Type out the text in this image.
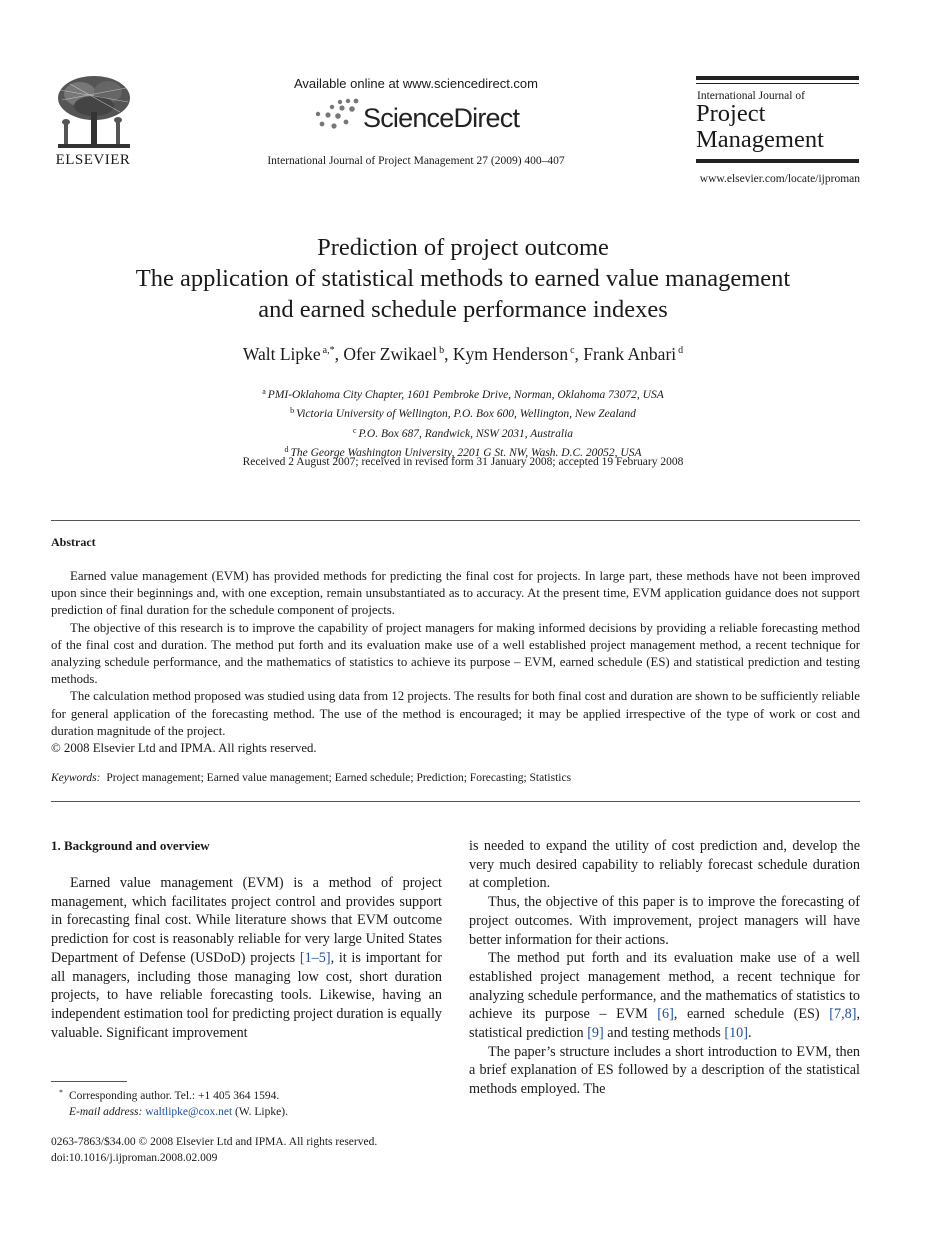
ELSEVIER
Available online at www.sciencedirect.com
ScienceDirect
International Journal of Project Management 27 (2009) 400–407
International Journal of
Project
Management
www.elsevier.com/locate/ijproman
Prediction of project outcome
The application of statistical methods to earned value management
and earned schedule performance indexes
Walt Lipke $^{a,*}$, Ofer Zwikael $^b$, Kym Henderson $^c$, Frank Anbari $^d$
$^a$ PMI-Oklahoma City Chapter, 1601 Pembroke Drive, Norman, Oklahoma 73072, USA
$^b$ Victoria University of Wellington, P.O. Box 600, Wellington, New Zealand
$^c$ P.O. Box 687, Randwick, NSW 2031, Australia
$^d$ The George Washington University, 2201 G St. NW, Wash. D.C. 20052, USA
Received 2 August 2007; received in revised form 31 January 2008; accepted 19 February 2008
Abstract

Earned value management (EVM) has provided methods for predicting the final cost for projects. In large part, these methods have not been improved upon since their beginnings and, with one exception, remain unsubstantiated as to accuracy. At the present time, EVM application guidance does not support prediction of final duration for the schedule component of projects.

The objective of this research is to improve the capability of project managers for making informed decisions by providing a reliable forecasting method of the final cost and duration. The method put forth and its evaluation make use of a well established project management method, a recent technique for analyzing schedule performance, and the mathematics of statistics to achieve its purpose – EVM, earned schedule (ES) and statistical prediction and testing methods.

The calculation method proposed was studied using data from 12 projects. The results for both final cost and duration are shown to be sufficiently reliable for general application of the forecasting method. The use of the method is encouraged; it may be applied irrespective of the type of work or cost and duration magnitude of the project.

© 2008 Elsevier Ltd and IPMA. All rights reserved.

Keywords: Project management; Earned value management; Earned schedule; Prediction; Forecasting; Statistics
1. Background and overview

Earned value management (EVM) is a method of project management, which facilitates project control and provides support in forecasting final cost. While literature shows that EVM outcome prediction for cost is reasonably reliable for very large United States Department of Defense (USDoD) projects [1–5], it is important for all managers, including those managing low cost, short duration projects, to have reliable forecasting tools. Likewise, having an independent estimation tool for predicting project duration is equally valuable. Significant improvement

is needed to expand the utility of cost prediction and, develop the very much desired capability to reliably forecast schedule duration at completion.

Thus, the objective of this paper is to improve the forecasting of project outcomes. With improvement, project managers will have better information for their actions.

The method put forth and its evaluation make use of a well established project management method, a recent technique for analyzing schedule performance, and the mathematics of statistics to achieve its purpose – EVM [6], earned schedule (ES) [7,8], statistical prediction [9] and testing methods [10].

The paper’s structure includes a short introduction to EVM, then a brief explanation of ES followed by a description of the statistical methods employed. The

* Corresponding author. Tel.: +1 405 364 1594.
E-mail address: waltlipke@cox.net (W. Lipke).
0263-7863/$34.00 © 2008 Elsevier Ltd and IPMA. All rights reserved.
doi:10.1016/j.ijproman.2008.02.009
